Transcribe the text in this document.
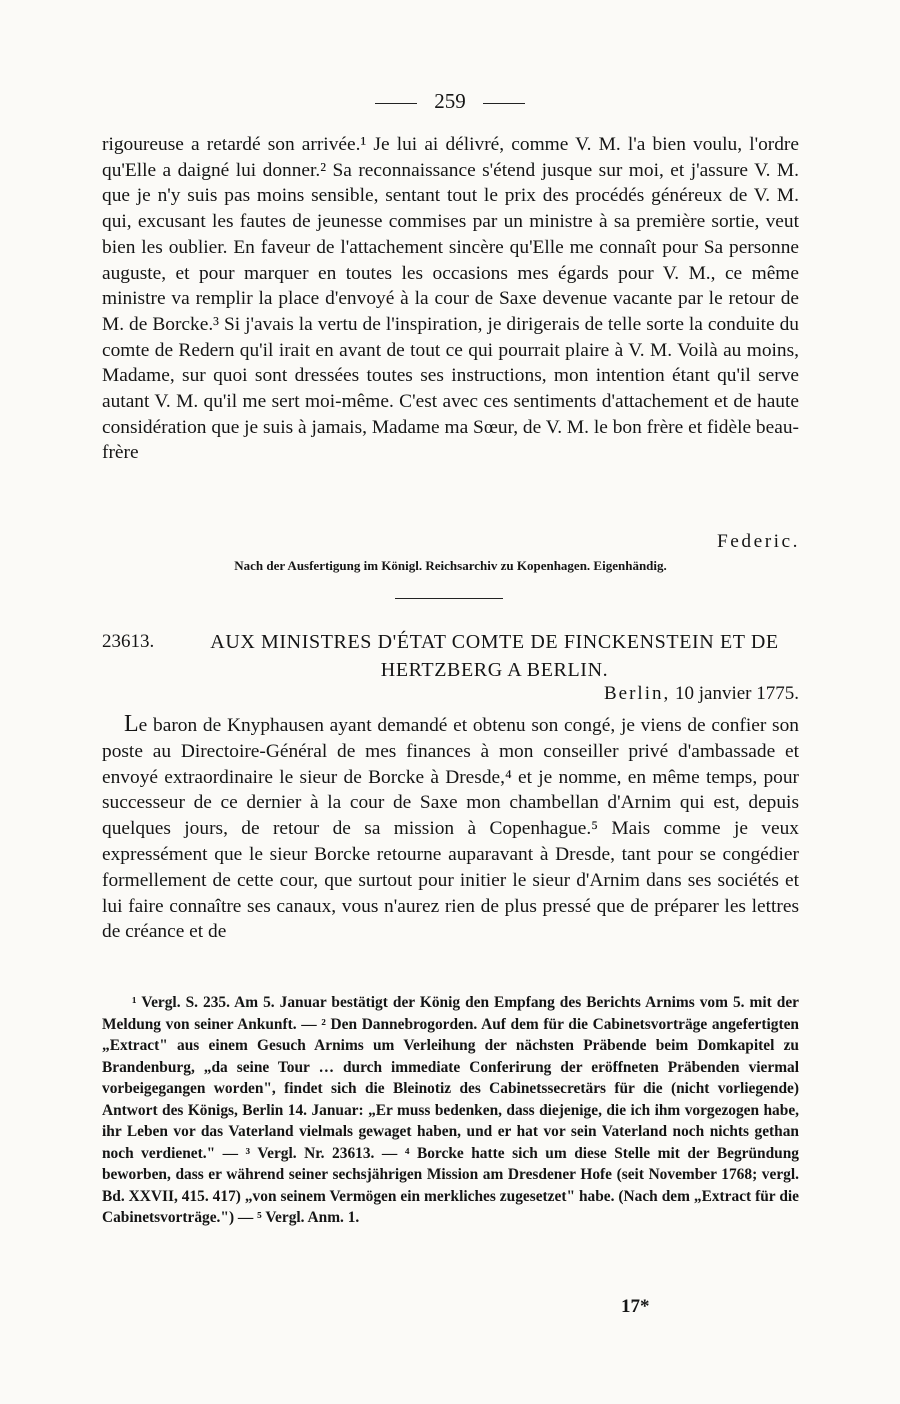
259

rigoureuse a retardé son arrivée.¹ Je lui ai délivré, comme V. M. l'a bien voulu, l'ordre qu'Elle a daigné lui donner.² Sa reconnaissance s'étend jusque sur moi, et j'assure V. M. que je n'y suis pas moins sensible, sentant tout le prix des procédés généreux de V. M. qui, excusant les fautes de jeunesse commises par un ministre à sa première sortie, veut bien les oublier. En faveur de l'attachement sincère qu'Elle me connaît pour Sa personne auguste, et pour marquer en toutes les occasions mes égards pour V. M., ce même ministre va remplir la place d'envoyé à la cour de Saxe devenue vacante par le retour de M. de Borcke.³ Si j'avais la vertu de l'inspiration, je dirigerais de telle sorte la conduite du comte de Redern qu'il irait en avant de tout ce qui pourrait plaire à V. M. Voilà au moins, Madame, sur quoi sont dressées toutes ses instructions, mon intention étant qu'il serve autant V. M. qu'il me sert moi-même. C'est avec ces sentiments d'attachement et de haute considération que je suis à jamais, Madame ma Sœur, de V. M. le bon frère et fidèle beau-frère

Federic.
Nach der Ausfertigung im Königl. Reichsarchiv zu Kopenhagen. Eigenhändig.
23613.	AUX MINISTRES D'ÉTAT COMTE DE FINCKENSTEIN ET DE HERTZBERG A BERLIN.
Berlin, 10 janvier 1775.

Le baron de Knyphausen ayant demandé et obtenu son congé, je viens de confier son poste au Directoire-Général de mes finances à mon conseiller privé d'ambassade et envoyé extraordinaire le sieur de Borcke à Dresde,⁴ et je nomme, en même temps, pour successeur de ce dernier à la cour de Saxe mon chambellan d'Arnim qui est, depuis quelques jours, de retour de sa mission à Copenhague.⁵ Mais comme je veux expressément que le sieur Borcke retourne auparavant à Dresde, tant pour se congédier formellement de cette cour, que surtout pour initier le sieur d'Arnim dans ses sociétés et lui faire connaître ses canaux, vous n'aurez rien de plus pressé que de préparer les lettres de créance et de

¹ Vergl. S. 235. Am 5. Januar bestätigt der König den Empfang des Berichts Arnims vom 5. mit der Meldung von seiner Ankunft. — ² Den Dannebrogorden. Auf dem für die Cabinetsvorträge angefertigten „Extract" aus einem Gesuch Arnims um Verleihung der nächsten Präbende beim Domkapitel zu Brandenburg, „da seine Tour … durch immediate Conferirung der eröffneten Präbenden viermal vorbeigegangen worden", findet sich die Bleinotiz des Cabinetssecretärs für die (nicht vorliegende) Antwort des Königs, Berlin 14. Januar: „Er muss bedenken, dass diejenige, die ich ihm vorgezogen habe, ihr Leben vor das Vaterland vielmals gewaget haben, und er hat vor sein Vaterland noch nichts gethan noch verdienet." — ³ Vergl. Nr. 23613. — ⁴ Borcke hatte sich um diese Stelle mit der Begründung beworben, dass er während seiner sechsjährigen Mission am Dresdener Hofe (seit November 1768; vergl. Bd. XXVII, 415. 417) „von seinem Vermögen ein merkliches zugesetzet" habe. (Nach dem „Extract für die Cabinetsvorträge.") — ⁵ Vergl. Anm. 1.

17*
